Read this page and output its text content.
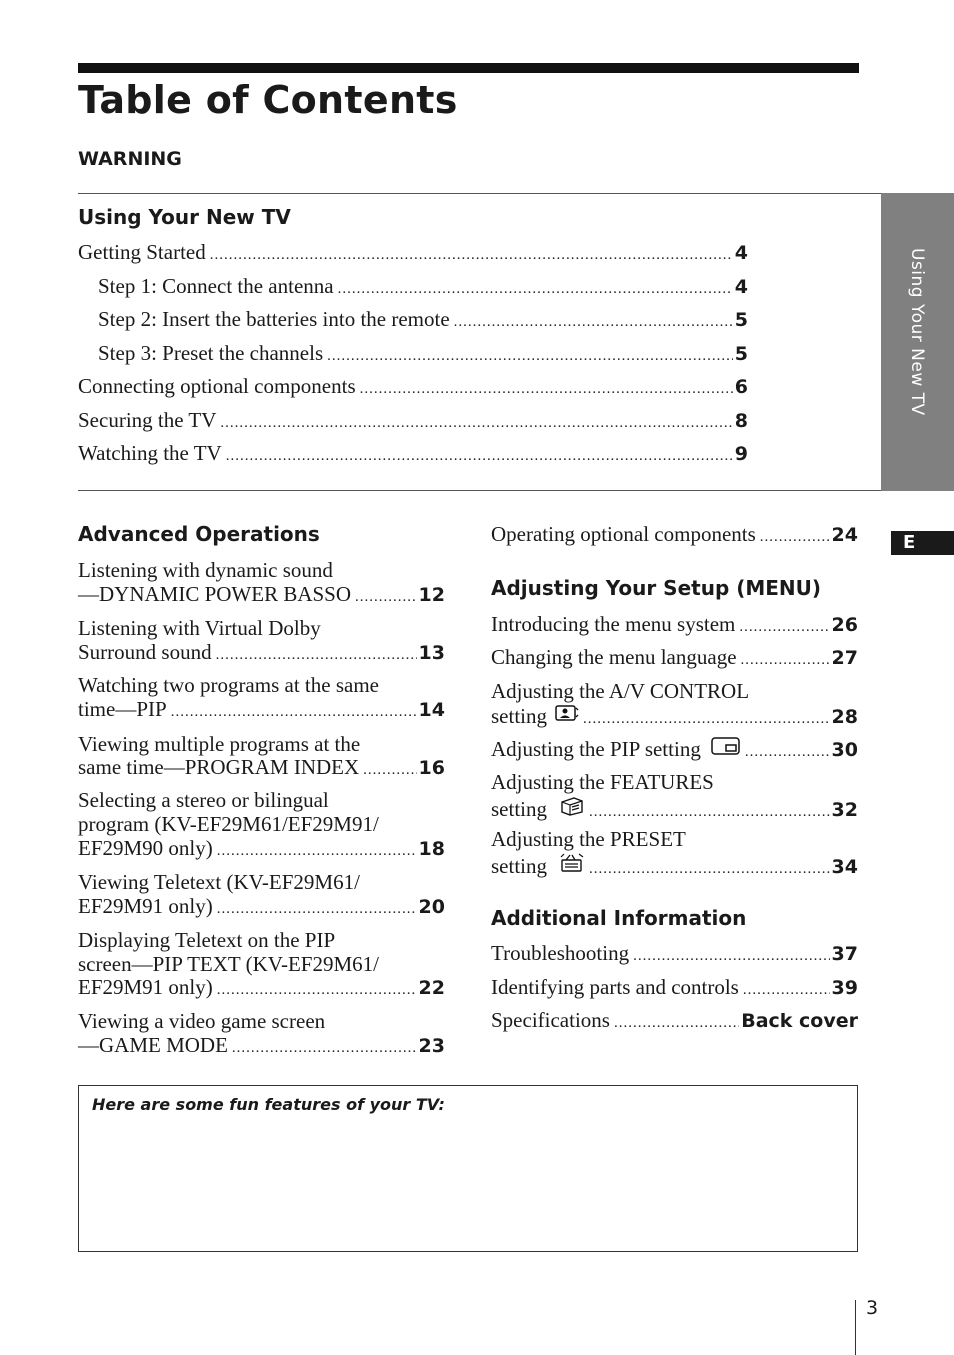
Table of Contents
WARNING
Using Your New TV
Getting Started .....	4
Step 1: Connect the antenna .....	4
Step 2: Insert the batteries into the remote .....	5
Step 3: Preset the channels .....	5
Connecting optional components .....	6
Securing the TV .....	8
Watching the TV .....	9
Using Your New TV
E
Advanced Operations
Listening with dynamic sound
—DYNAMIC POWER BASSO .....	12
Listening with Virtual Dolby
Surround sound .....	13
Watching two programs at the same
time—PIP .....	14
Viewing multiple programs at the
same time—PROGRAM INDEX .....	16
Selecting a stereo or bilingual
program (KV-EF29M61/EF29M91/
EF29M90 only) .....	18
Viewing Teletext (KV-EF29M61/
EF29M91 only) .....	20
Displaying Teletext on the PIP
screen—PIP TEXT (KV-EF29M61/
EF29M91 only) .....	22
Viewing a video game screen
—GAME MODE .....	23
Operating optional components .....	24
Adjusting Your Setup (MENU)
Introducing the menu system .....	26
Changing the menu language .....	27
Adjusting the A/V CONTROL
setting .....	28
Adjusting the PIP setting .....	30
Adjusting the FEATURES
setting .....	32
Adjusting the PRESET
setting .....	34
Additional Information
Troubleshooting .....	37
Identifying parts and controls .....	39
Specifications .....	Back cover
Here are some fun features of your TV:
3
